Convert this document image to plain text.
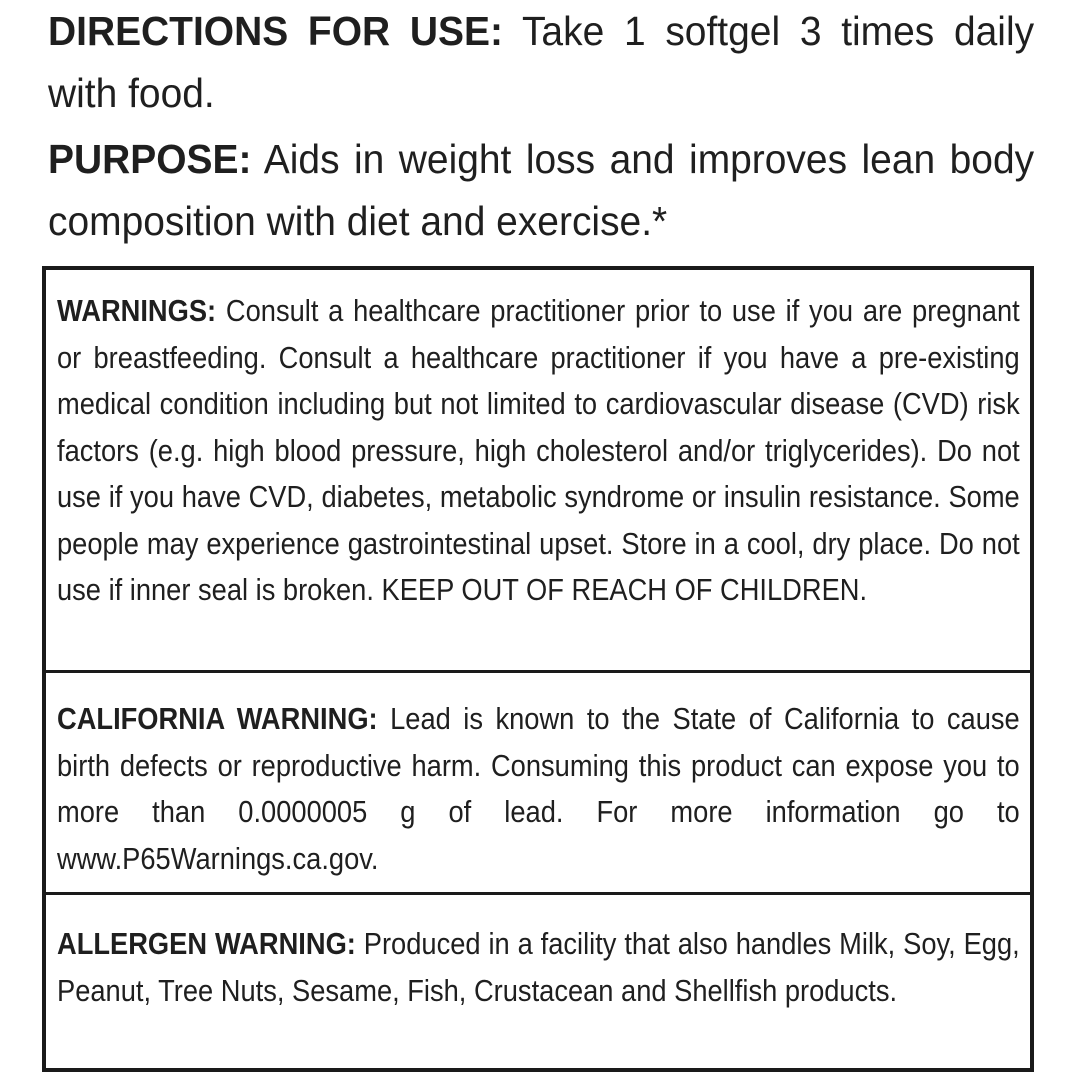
DIRECTIONS FOR USE: Take 1 softgel 3 times daily with food.

PURPOSE: Aids in weight loss and improves lean body composition with diet and exercise.*

WARNINGS: Consult a healthcare practitioner prior to use if you are pregnant or breastfeeding. Consult a healthcare practitioner if you have a pre-existing medical condition including but not limited to cardiovascular disease (CVD) risk factors (e.g. high blood pressure, high cholesterol and/or triglycerides). Do not use if you have CVD, diabetes, metabolic syndrome or insulin resistance. Some people may experience gastrointestinal upset. Store in a cool, dry place. Do not use if inner seal is broken. KEEP OUT OF REACH OF CHILDREN.

CALIFORNIA WARNING: Lead is known to the State of California to cause birth defects or reproductive harm. Consuming this product can expose you to more than 0.0000005 g of lead. For more information go to www.P65Warnings.ca.gov.

ALLERGEN WARNING: Produced in a facility that also handles Milk, Soy, Egg, Peanut, Tree Nuts, Sesame, Fish, Crustacean and Shellfish products.
